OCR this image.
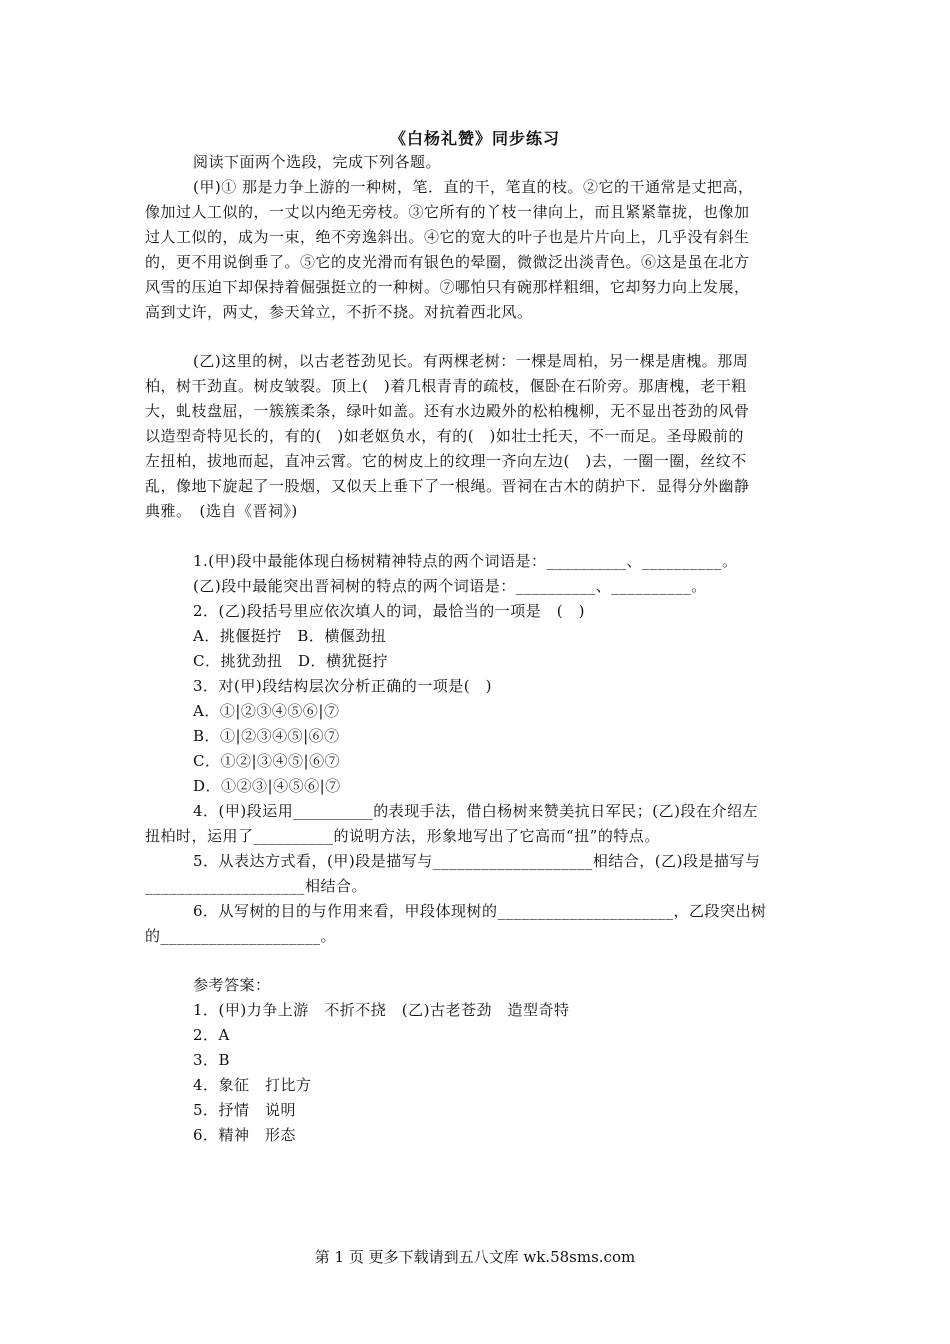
《白杨礼赞》同步练习
阅读下面两个选段，完成下列各题。
(甲)① 那是力争上游的一种树，笔．直的干，笔直的枝。②它的干通常是丈把高，
像加过人工似的，一丈以内绝无旁枝。③它所有的丫枝一律向上，而且紧紧靠拢，也像加
过人工似的，成为一束，绝不旁逸斜出。④它的宽大的叶子也是片片向上，几乎没有斜生
的，更不用说倒垂了。⑤它的皮光滑而有银色的晕圈，微微泛出淡青色。⑥这是虽在北方
风雪的压迫下却保持着倔强挺立的一种树。⑦哪怕只有碗那样粗细，它却努力向上发展，
高到丈许，两丈，参天耸立，不折不挠。对抗着西北风。
(乙)这里的树，以古老苍劲见长。有两棵老树：一棵是周柏，另一棵是唐槐。那周
柏，树干劲直。树皮皱裂。顶上(　)着几根青青的疏枝，偃卧在石阶旁。那唐槐，老干粗
大，虬枝盘屈，一簇簇柔条，绿叶如盖。还有水边殿外的松柏槐柳，无不显出苍劲的风骨
以造型奇特见长的，有的(　)如老妪负水，有的(　)如壮士托天，不一而足。圣母殿前的
左扭柏，拔地而起，直冲云霄。它的树皮上的纹理一齐向左边(　)去，一圈一圈，丝纹不
乱，像地下旋起了一股烟，又似天上垂下了一根绳。晋祠在古木的荫护下．显得分外幽静
典雅。　(选自《晋祠》)
1.(甲)段中最能体现白杨树精神特点的两个词语是：__________、__________。
(乙)段中最能突出晋祠树的特点的两个词语是：__________、__________。
2．(乙)段括号里应依次填人的词，最恰当的一项是　(　)
A．挑偃挺拧　B．横偃劲扭
C．挑犹劲扭　D．横犹挺拧
3．对(甲)段结构层次分析正确的一项是(　)
A．①|②③④⑤⑥|⑦
B．①|②③④⑤|⑥⑦
C．①②|③④⑤|⑥⑦
D．①②③|④⑤⑥|⑦
4．(甲)段运用__________的表现手法，借白杨树来赞美抗日军民；(乙)段在介绍左
扭柏时，运用了__________的说明方法，形象地写出了它高而“扭”的特点。
5．从表达方式看，(甲)段是描写与____________________相结合，(乙)段是描写与
____________________相结合。
6．从写树的目的与作用来看，甲段体现树的______________________，乙段突出树
的____________________。
参考答案：
1．(甲)力争上游　不折不挠　(乙)古老苍劲　造型奇特
2．A
3．B
4．象征　打比方
5．抒情　说明
6．精神　形态
第 1 页 更多下载请到五八文库 wk.58sms.com
